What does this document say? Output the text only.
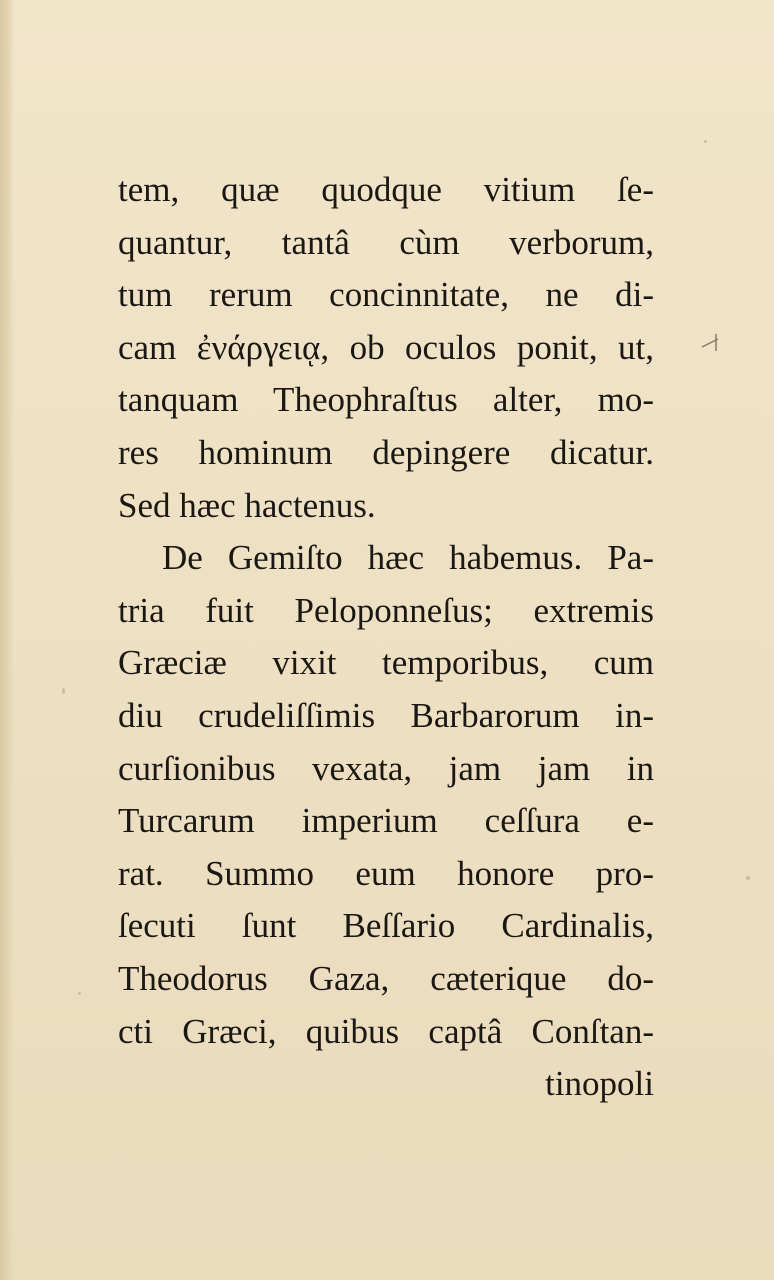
tem, quæ quodque vitium ſe-
quantur, tantâ cùm verborum,
tum rerum concinnitate, ne di-
cam ἐνάργειᾳ, ob oculos ponit, ut,
tanquam Theophraſtus alter, mo-
res hominum depingere dicatur.
Sed hæc hactenus.
De Gemiſto hæc habemus. Pa-
tria fuit Peloponneſus; extremis
Græciæ vixit temporibus, cum
diu crudeliſſimis Barbarorum in-
curſionibus vexata, jam jam in
Turcarum imperium ceſſura e-
rat. Summo eum honore pro-
ſecuti ſunt Beſſario Cardinalis,
Theodorus Gaza, cæterique do-
cti Græci, quibus captâ Conſtan-
tinopoli
